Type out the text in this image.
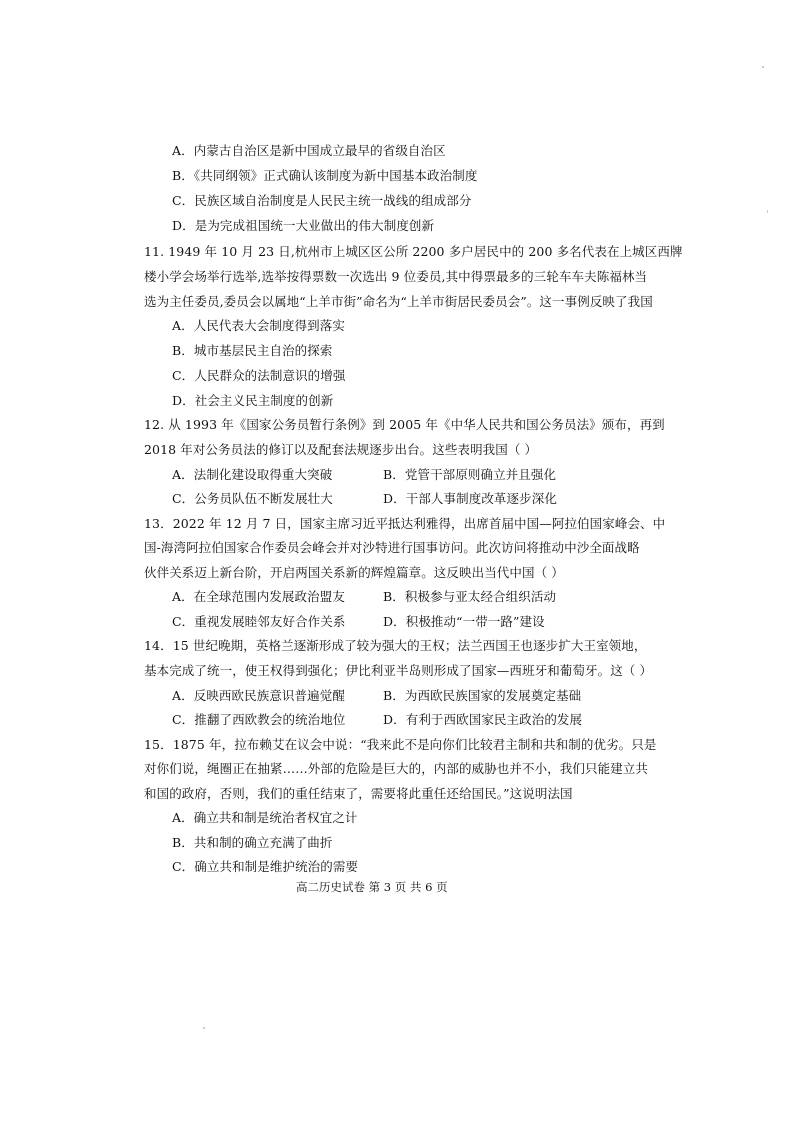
A．内蒙古自治区是新中国成立最早的省级自治区
B．《共同纲领》正式确认该制度为新中国基本政治制度
C．民族区域自治制度是人民民主统一战线的组成部分
D．是为完成祖国统一大业做出的伟大制度创新
11. 1949 年 10 月 23 日,杭州市上城区区公所 2200 多户居民中的 200 多名代表在上城区西牌
楼小学会场举行选举,选举按得票数一次选出 9 位委员,其中得票最多的三轮车车夫陈福林当
选为主任委员,委员会以属地“上羊市街”命名为“上羊市街居民委员会”。这一事例反映了我国
A．人民代表大会制度得到落实
B．城市基层民主自治的探索
C．人民群众的法制意识的增强
D．社会主义民主制度的创新
12. 从 1993 年《国家公务员暂行条例》到 2005 年《中华人民共和国公务员法》颁布，再到
2018 年对公务员法的修订以及配套法规逐步出台。这些表明我国（ ）
A．法制化建设取得重大突破	B．党管干部原则确立并且强化
C．公务员队伍不断发展壮大	D．干部人事制度改革逐步深化
13．2022 年 12 月 7 日，国家主席习近平抵达利雅得，出席首届中国—阿拉伯国家峰会、中
国-海湾阿拉伯国家合作委员会峰会并对沙特进行国事访问。此次访问将推动中沙全面战略
伙伴关系迈上新台阶，开启两国关系新的辉煌篇章。这反映出当代中国（ ）
A．在全球范围内发展政治盟友	B．积极参与亚太经合组织活动
C．重视发展睦邻友好合作关系	D．积极推动“一带一路”建设
14．15 世纪晚期，英格兰逐渐形成了较为强大的王权；法兰西国王也逐步扩大王室领地，
基本完成了统一，使王权得到强化；伊比利亚半岛则形成了国家—西班牙和葡萄牙。这（ ）
A．反映西欧民族意识普遍觉醒	B．为西欧民族国家的发展奠定基础
C．推翻了西欧教会的统治地位	D．有利于西欧国家民主政治的发展
15．1875 年，拉布赖艾在议会中说：“我来此不是向你们比较君主制和共和制的优劣。只是
对你们说，绳圈正在抽紧……外部的危险是巨大的，内部的威胁也并不小，我们只能建立共
和国的政府，否则，我们的重任结束了，需要将此重任还给国民。”这说明法国
A．确立共和制是统治者权宜之计
B．共和制的确立充满了曲折
C．确立共和制是维护统治的需要
高二历史试卷 第 3 页 共 6 页
